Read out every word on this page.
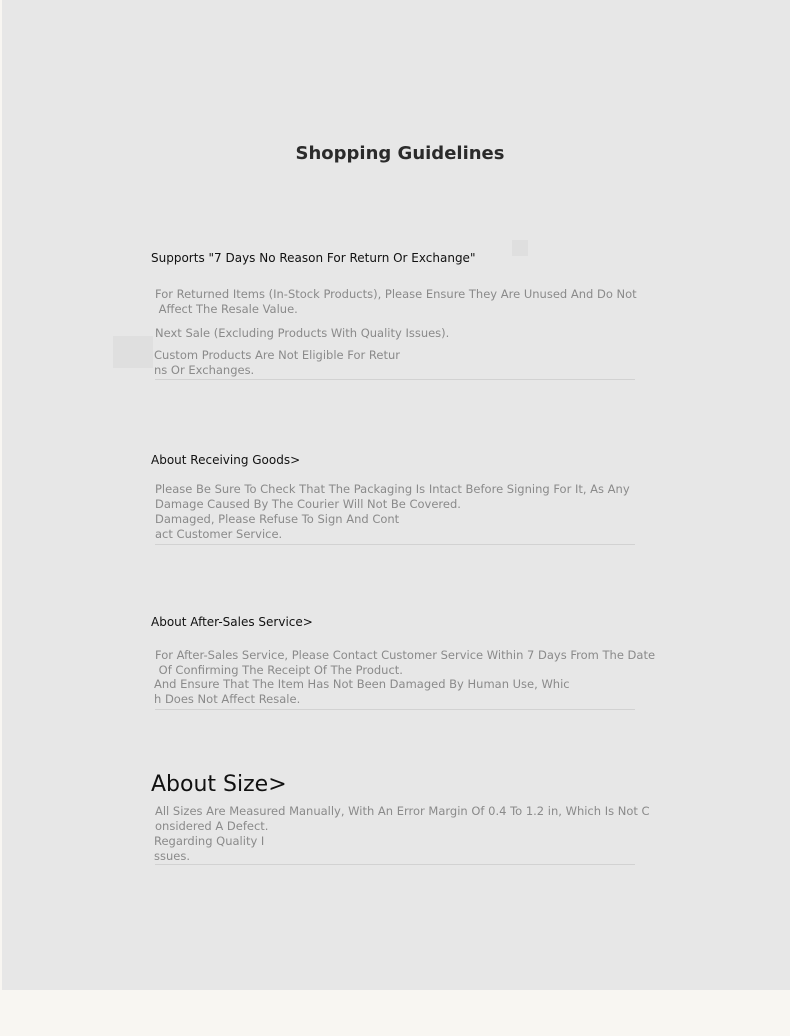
Shopping Guidelines
Supports "7 Days No Reason For Return Or Exchange"
For Returned Items (In-Stock Products), Please Ensure They Are Unused And Do Not
Affect The Resale Value.
Next Sale (Excluding Products With Quality Issues).
Custom Products Are Not Eligible For Retur
ns Or Exchanges.
About Receiving Goods>
Please Be Sure To Check That The Packaging Is Intact Before Signing For It, As Any
Damage Caused By The Courier Will Not Be Covered.
Damaged, Please Refuse To Sign And Cont
act Customer Service.
About After-Sales Service>
For After-Sales Service, Please Contact Customer Service Within 7 Days From The Date
Of Confirming The Receipt Of The Product.
And Ensure That The Item Has Not Been Damaged By Human Use, Whic
h Does Not Affect Resale.
About Size>
All Sizes Are Measured Manually, With An Error Margin Of 0.4 To 1.2 in, Which Is Not C
onsidered A Defect.
Regarding Quality I
ssues.
